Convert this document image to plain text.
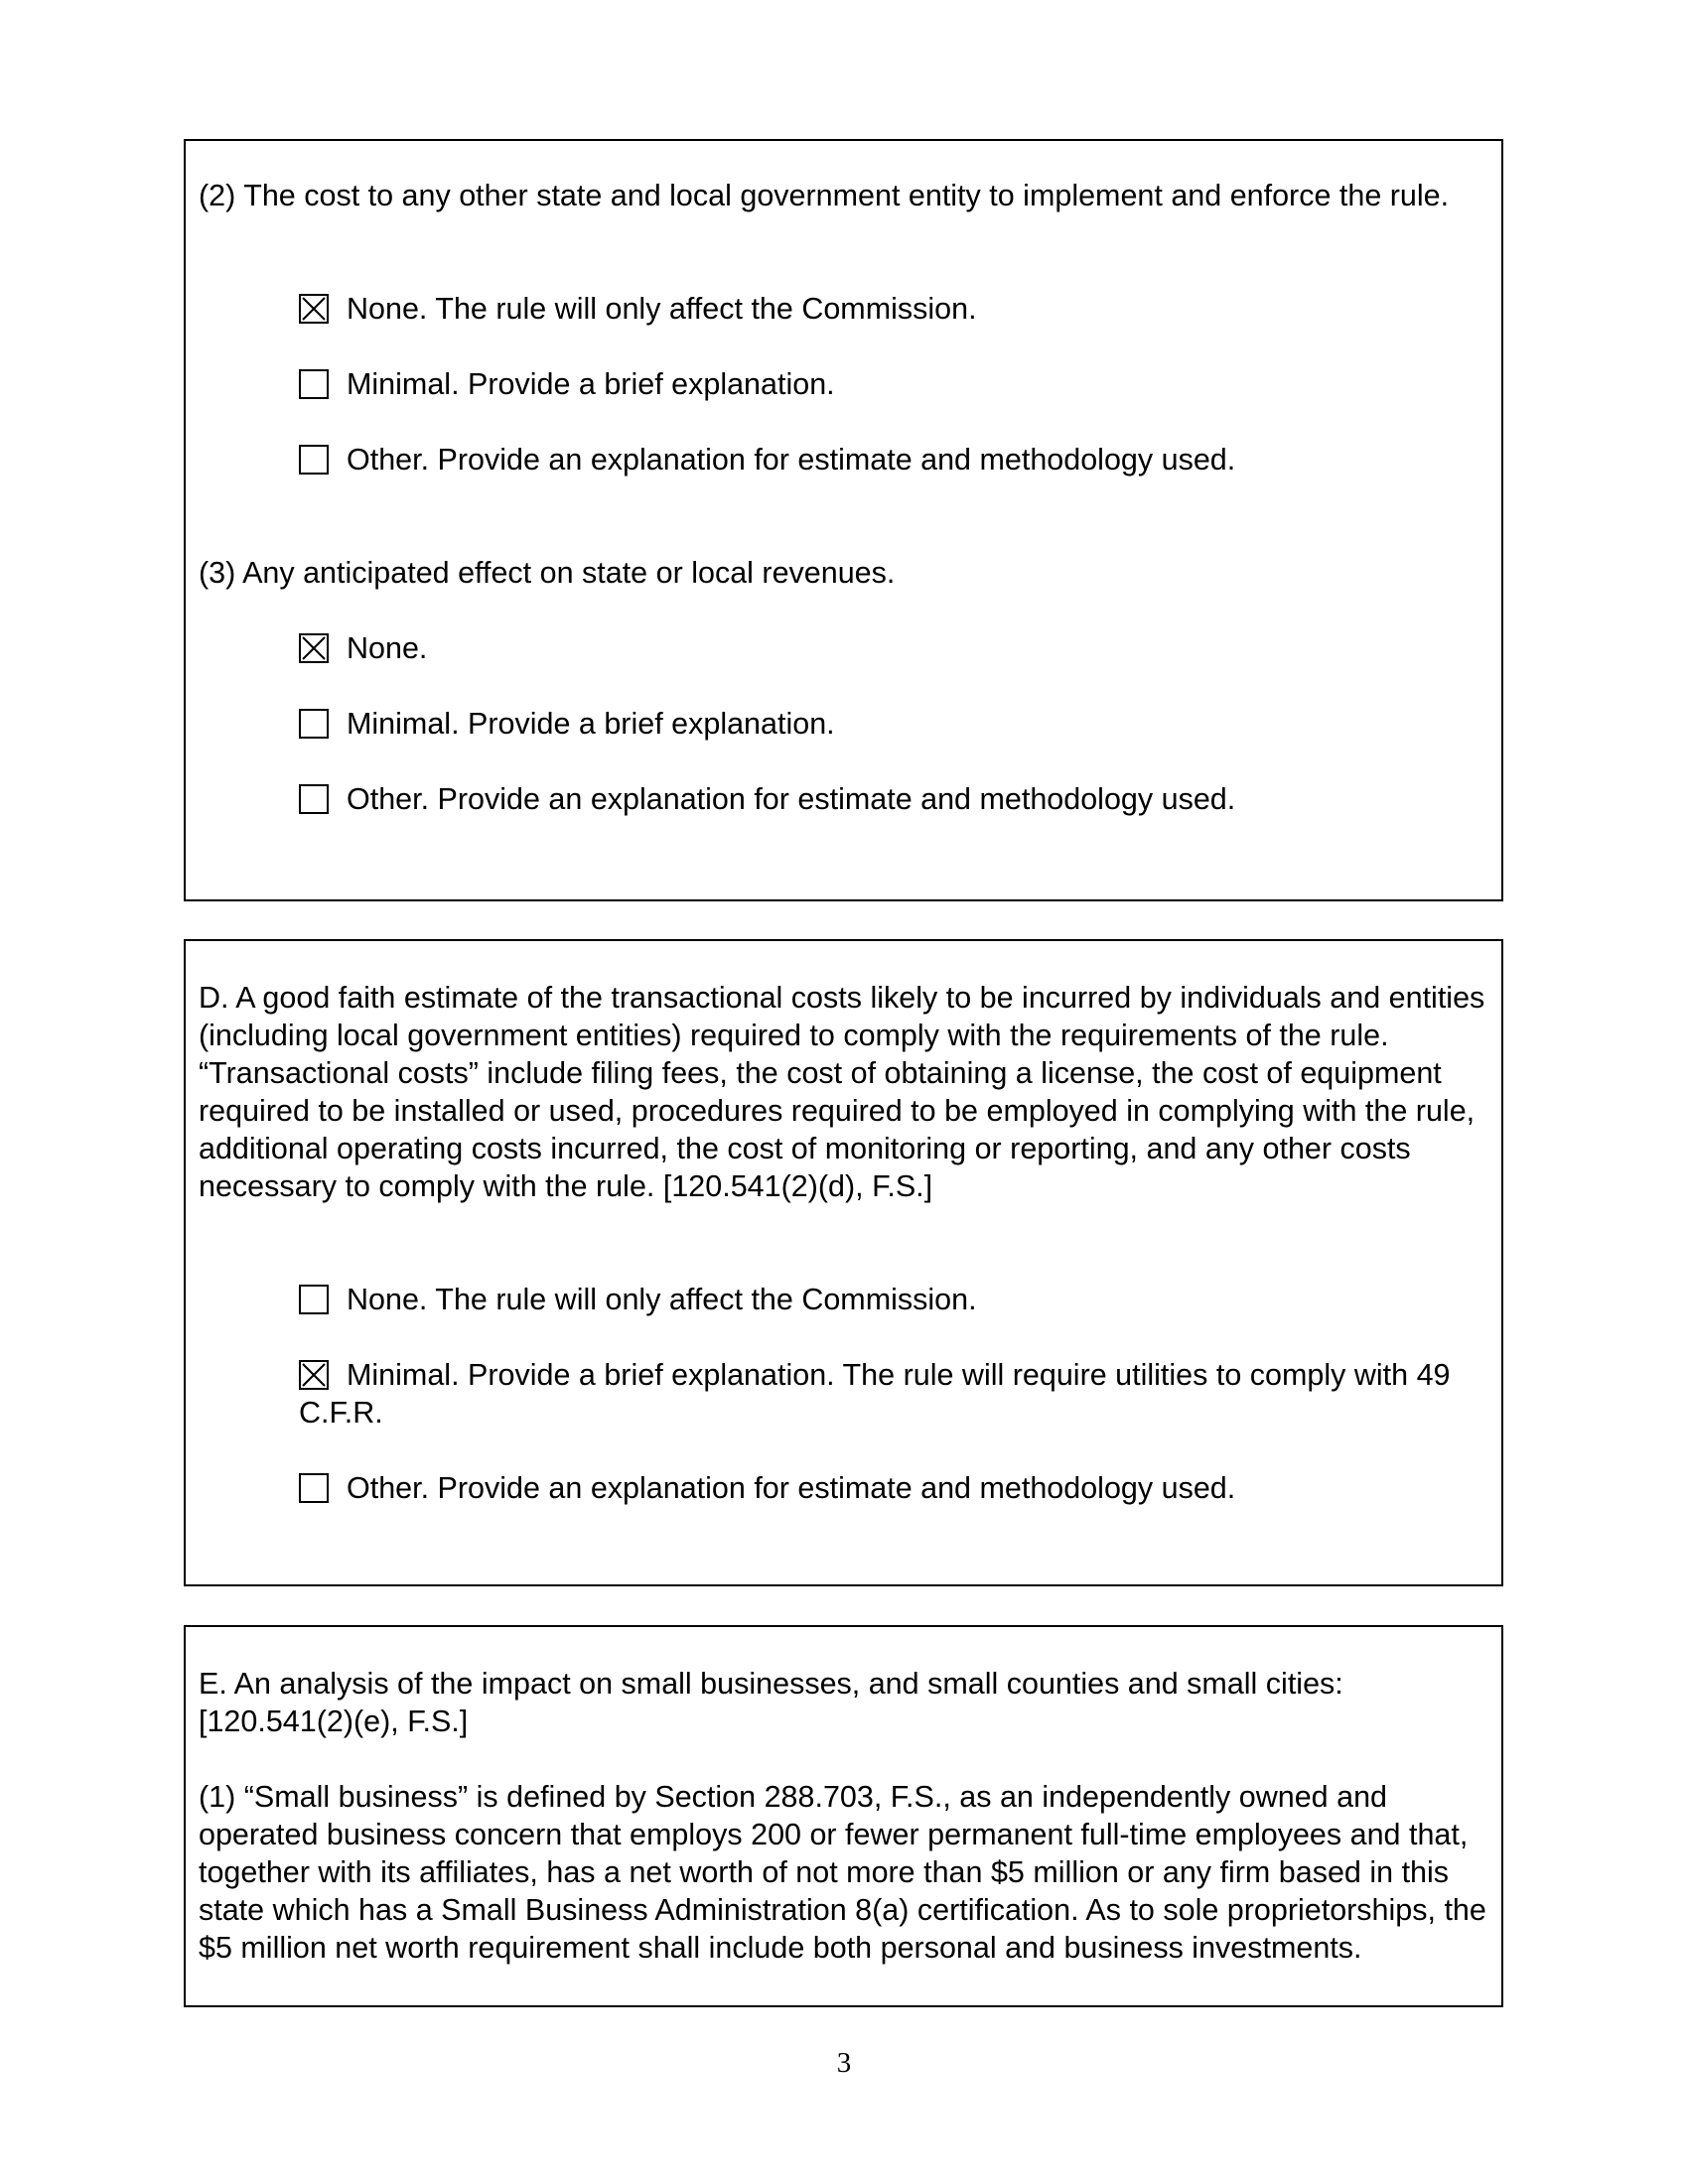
(2) The cost to any other state and local government entity to implement and enforce the rule.

None. The rule will only affect the Commission.
Minimal. Provide a brief explanation.
Other. Provide an explanation for estimate and methodology used.

(3) Any anticipated effect on state or local revenues.

None.
Minimal. Provide a brief explanation.
Other. Provide an explanation for estimate and methodology used.

D. A good faith estimate of the transactional costs likely to be incurred by individuals and entities (including local government entities) required to comply with the requirements of the rule. “Transactional costs” include filing fees, the cost of obtaining a license, the cost of equipment required to be installed or used, procedures required to be employed in complying with the rule, additional operating costs incurred, the cost of monitoring or reporting, and any other costs necessary to comply with the rule. [120.541(2)(d), F.S.]

None. The rule will only affect the Commission.
Minimal. Provide a brief explanation. The rule will require utilities to comply with 49 C.F.R.
Other. Provide an explanation for estimate and methodology used.

E. An analysis of the impact on small businesses, and small counties and small cities: [120.541(2)(e), F.S.]

(1) “Small business” is defined by Section 288.703, F.S., as an independently owned and operated business concern that employs 200 or fewer permanent full-time employees and that, together with its affiliates, has a net worth of not more than $5 million or any firm based in this state which has a Small Business Administration 8(a) certification. As to sole proprietorships, the $5 million net worth requirement shall include both personal and business investments.

3
